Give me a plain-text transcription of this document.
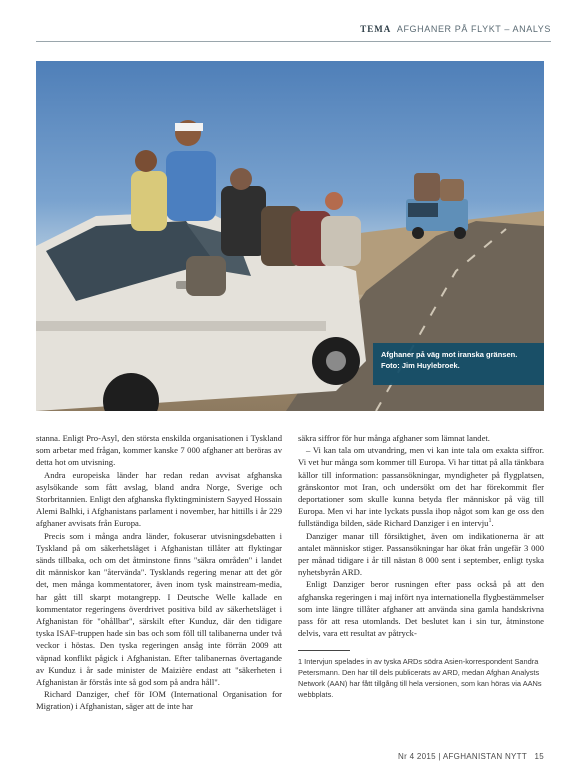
TEMA AFGHANER PÅ FLYKT – ANALYS
Afghaner på väg mot iranska gränsen.
Foto: Jim Huylebroek.

stanna. Enligt Pro-Asyl, den största enskilda organisationen i Tyskland som arbetar med frågan, kommer kanske 7 000 afghaner att beröras av detta hot om utvisning.

Andra europeiska länder har redan redan avvisat afghanska asylsökande som fått avslag, bland andra Norge, Sverige och Storbritannien. Enligt den afghanska flyktingministern Sayyed Hossain Alemi Balhki, i Afghanistans parlament i november, har hittills i år 229 afghaner avvisats från Europa.

Precis som i många andra länder, fokuserar utvisningsdebatten i Tyskland på om säkerhetsläget i Afghanistan tillåter att flyktingar sänds tillbaka, och om det åtminstone finns "säkra områden" i landet dit människor kan "återvända". Tysklands regering menar att det gör det, men många kommentatorer, även inom tysk mainstream-media, har gått till skarpt motangrepp. I Deutsche Welle kallade en kommentator regeringens överdrivet positiva bild av säkerhetsläget i Afghanistan för "ohållbar", särskilt efter Kunduz, där den tidigare tyska ISAF-truppen hade sin bas och som föll till talibanerna under två veckor i höstas. Den tyska regeringen ansåg inte förrän 2009 att väpnad konflikt pågick i Afghanistan. Efter talibanernas övertagande av Kunduz i år sade minister de Maizière endast att "säkerheten i Afghanistan är förstås inte så god som på andra håll".

Richard Danziger, chef för IOM (International Organisation for Migration) i Afghanistan, säger att de inte har

säkra siffror för hur många afghaner som lämnat landet.

– Vi kan tala om utvandring, men vi kan inte tala om exakta siffror. Vi vet hur många som kommer till Europa. Vi har tittat på alla tänkbara källor till information: passansökningar, myndigheter på flygplatsen, gränskontor mot Iran, och undersökt om det har förekommit fler deportationer som skulle kunna betyda fler människor på väg till Europa. Men vi har inte lyckats pussla ihop något som kan ge oss den fullständiga bilden, säde Richard Danziger i en intervju$^1$.

Danziger manar till försiktighet, även om indikationerna är att antalet människor stiger. Passansökningar har ökat från ungefär 3 000 per månad tidigare i år till nästan 8 000 sent i september, enligt tyska nyhetsbyrån ARD.

Enligt Danziger beror rusningen efter pass också på att den afghanska regeringen i maj infört nya internationella flygbestämmelser som inte längre tillåter afghaner att använda sina gamla handskrivna pass för att resa utomlands. Det beslutet kan i sin tur, åtminstone delvis, vara ett resultat av påtryck-

1 Intervjun spelades in av tyska ARDs södra Asien-korrespondent Sandra Petersmann. Den har till dels publicerats av ARD, medan Afghan Analysts Network (AAN) har fått tillgång till hela versionen, som kan höras via AANs webbplats.
Nr 4 2015 | AFGHANISTAN NYTT 15
